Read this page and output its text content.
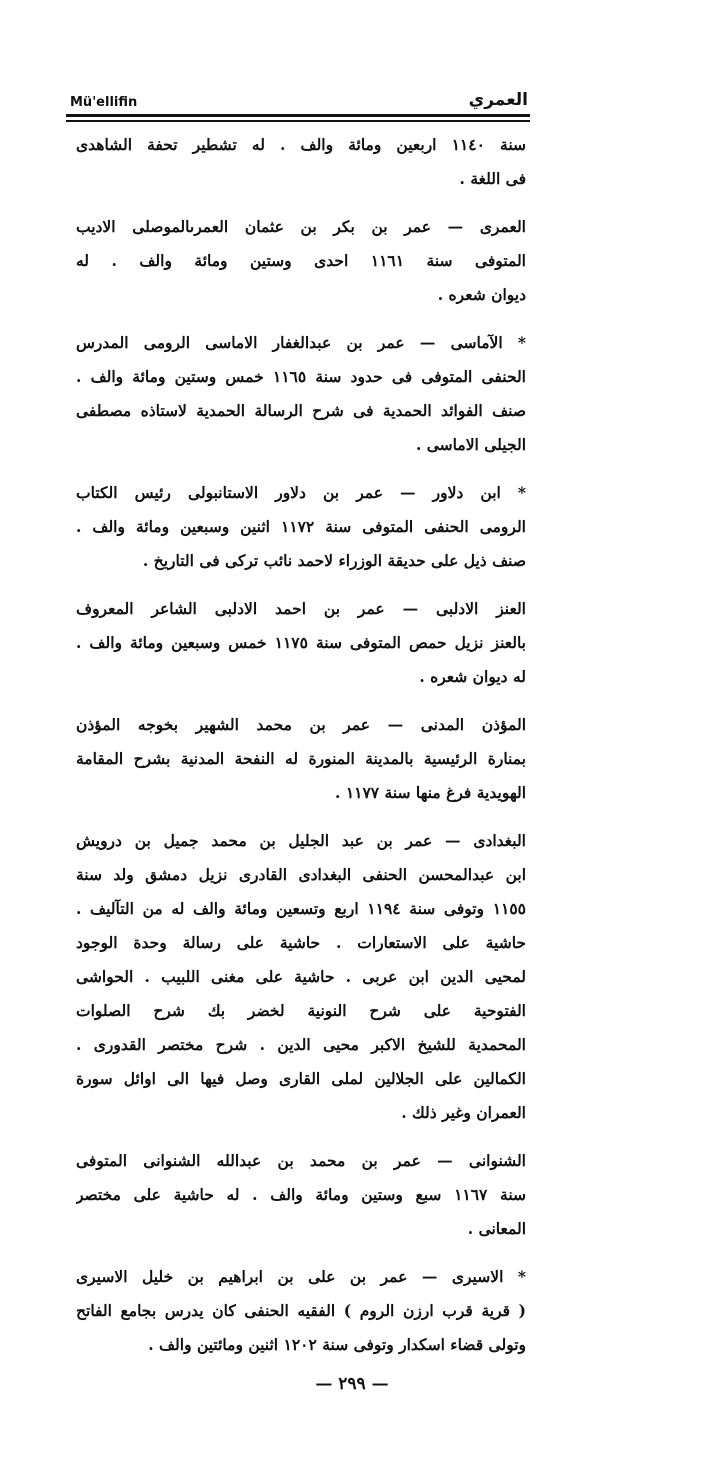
Mü'ellifin	العمري
سنة ١١٤٠ اربعين ومائة والف . له تشطير تحفة الشاهدى
فى اللغة .
العمرى — عمر بن بكر بن عثمان العمرىالموصلى الاديب
المتوفى سنة ١١٦١ احدى وستين ومائة والف . له
ديوان شعره .
* الآماسى — عمر بن عبدالغفار الاماسى الرومى المدرس
الحنفى المتوفى فى حدود سنة ١١٦٥ خمس وستين ومائة والف .
صنف الفوائد الحمدية فى شرح الرسالة الحمدية لاستاذه مصطفى
الجيلى الاماسى .
* ابن دلاور — عمر بن دلاور الاستانبولى رئيس الكتاب
الرومى الحنفى المتوفى سنة ١١٧٢ اثنين وسبعين ومائة والف .
صنف ذيل على حديقة الوزراء لاحمد نائب تركى فى التاريخ .
العنز الادلبى — عمر بن احمد الادلبى الشاعر المعروف
بالعنز نزيل حمص المتوفى سنة ١١٧٥ خمس وسبعين ومائة والف .
له ديوان شعره .
المؤذن المدنى — عمر بن محمد الشهير بخوجه المؤذن
بمنارة الرئيسية بالمدينة المنورة له النفحة المدنية بشرح المقامة
الهويدية فرغ منها سنة ١١٧٧ .
البغدادى — عمر بن عبد الجليل بن محمد جميل بن درويش
ابن عبدالمحسن الحنفى البغدادى القادرى نزيل دمشق ولد سنة
١١٥٥ وتوفى سنة ١١٩٤ اربع وتسعين ومائة والف له من التآليف .
حاشية على الاستعارات . حاشية على رسالة وحدة الوجود
لمحيى الدين ابن عربى . حاشية على مغنى اللبيب . الحواشى
الفتوحية على شرح النونية لخضر بك شرح الصلوات
المحمدية للشيخ الاكبر محيى الدين . شرح مختصر القدورى .
الكمالين على الجلالين لملى القارى وصل فيها الى اوائل سورة
العمران وغير ذلك .
الشنوانى — عمر بن محمد بن عبدالله الشنوانى المتوفى
سنة ١١٦٧ سبع وستين ومائة والف . له حاشية على مختصر
المعانى .
* الاسيرى — عمر بن على بن ابراهيم بن خليل الاسيرى
( قرية قرب ارزن الروم ) الفقيه الحنفى كان يدرس بجامع الفاتح
وتولى قضاء اسكدار وتوفى سنة ١٢٠٢ اثنين ومائتين والف .
— ٢٩٩ —
